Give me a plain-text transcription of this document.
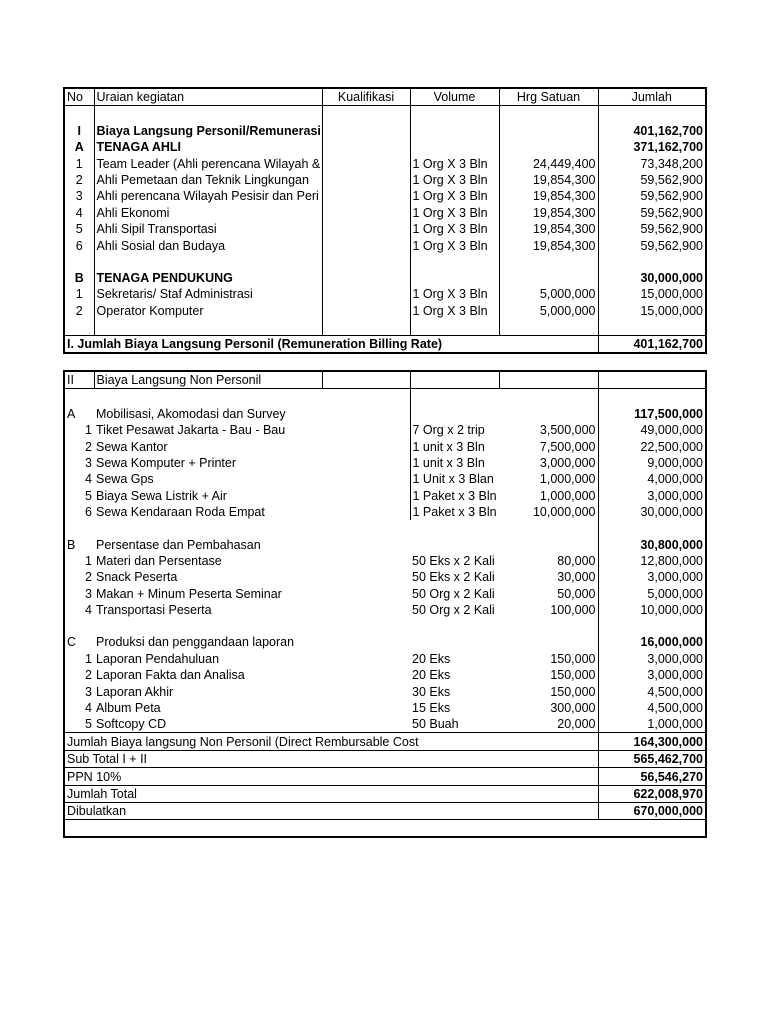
No	Uraian kegiatan	Kualifikasi	Volume	Hrg Satuan	Jumlah

I	Biaya Langsung Personil/Remunerasi				401,162,700
A	TENAGA AHLI				371,162,700
1	Team Leader (Ahli perencana Wilayah &		1 Org X 3 Bln	24,449,400	73,348,200
2	Ahli Pemetaan dan Teknik Lingkungan		1 Org X 3 Bln	19,854,300	59,562,900
3	Ahli perencana Wilayah Pesisir dan Peri		1 Org X 3 Bln	19,854,300	59,562,900
4	Ahli Ekonomi		1 Org X 3 Bln	19,854,300	59,562,900
5	Ahli Sipil Transportasi		1 Org X 3 Bln	19,854,300	59,562,900
6	Ahli Sosial dan Budaya		1 Org X 3 Bln	19,854,300	59,562,900

B	TENAGA PENDUKUNG				30,000,000
1	Sekretaris/ Staf Administrasi		1 Org X 3 Bln	5,000,000	15,000,000
2	Operator Komputer		1 Org X 3 Bln	5,000,000	15,000,000

I. Jumlah Biaya Langsung Personil (Remuneration Billing Rate)					401,162,700
II	Biaya Langsung Non Personil				

A	Mobilisasi, Akomodasi dan Survey				117,500,000
1	Tiket Pesawat Jakarta - Bau - Bau		7 Org x 2 trip	3,500,000	49,000,000
2	Sewa Kantor		1 unit x 3 Bln	7,500,000	22,500,000
3	Sewa Komputer + Printer		1 unit x 3 Bln	3,000,000	9,000,000
4	Sewa Gps		1 Unit x 3 Blan	1,000,000	4,000,000
5	Biaya Sewa Listrik + Air		1 Paket x 3 Bln	1,000,000	3,000,000
6	Sewa Kendaraan Roda Empat		1 Paket x 3 Bln	10,000,000	30,000,000

B	Persentase dan Pembahasan				30,800,000
1	Materi dan Persentase		50 Eks x 2 Kali	80,000	12,800,000
2	Snack Peserta		50 Eks x 2 Kali	30,000	3,000,000
3	Makan + Minum Peserta Seminar		50 Org x 2 Kali	50,000	5,000,000
4	Transportasi Peserta		50 Org x 2 Kali	100,000	10,000,000

C	Produksi dan penggandaan laporan				16,000,000
1	Laporan Pendahuluan		20 Eks	150,000	3,000,000
2	Laporan Fakta dan Analisa		20 Eks	150,000	3,000,000
3	Laporan Akhir		30 Eks	150,000	4,500,000
4	Album Peta		15 Eks	300,000	4,500,000
5	Softcopy CD		50 Buah	20,000	1,000,000
Jumlah Biaya langsung Non Personil (Direct Rembursable Cost					164,300,000
Sub Total I + II					565,462,700
PPN 10%					56,546,270
Jumlah Total					622,008,970
Dibulatkan					670,000,000
